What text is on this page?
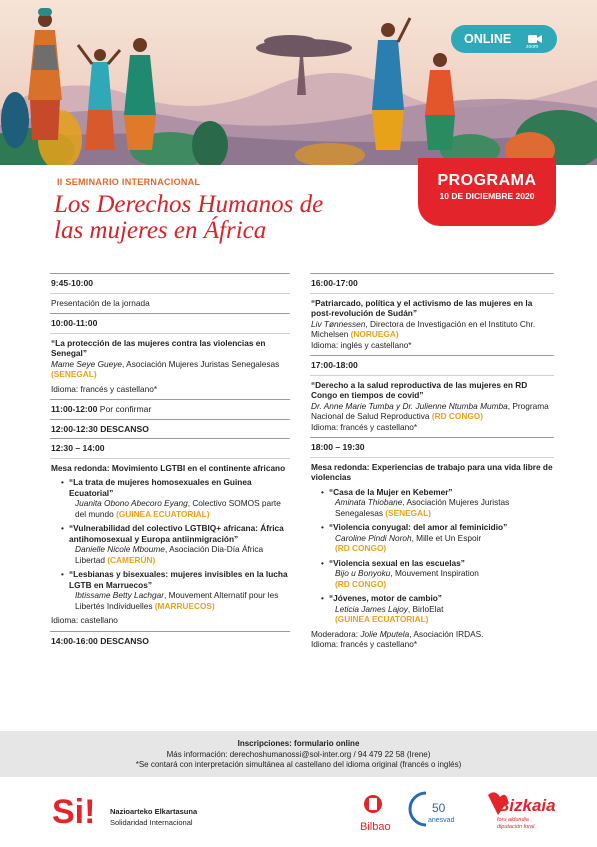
ONLINE
zoom
PROGRAMA
10 DE DICIEMBRE 2020
II SEMINARIO INTERNACIONAL
Los Derechos Humanos de
las mujeres en África
9:45-10:00
Presentación de la jornada
10:00-11:00
“La protección de las mujeres contra las violencias en Senegal”
Mame Seye Gueye, Asociación Mujeres Juristas Senegalesas (SENEGAL)
Idioma: francés y castellano*
11:00-12:00 Por confirmar
12:00-12:30 DESCANSO
12:30 – 14:00
Mesa redonda: Movimiento LGTBI en el continente africano
• “La trata de mujeres homosexuales en Guinea Ecuatorial”
Juanita Obono Abecoro Eyang, Colectivo SOMOS parte del mundo (GUINEA ECUATORIAL)
• “Vulnerabilidad del colectivo LGTBIQ+ africana: África antihomosexual y Europa antiinmigración”
Danielle Nicole Mboume, Asociación Dia-Día África Libertad (CAMERÚN)
• “Lesbianas y bisexuales: mujeres invisibles en la lucha LGTB en Marruecos”
Ibtissame Betty Lachgar, Mouvement Alternatif pour les Libertés Individuelles (MARRUECOS)
Idioma: castellano
14:00-16:00 DESCANSO
16:00-17:00
“Patriarcado, política y el activismo de las mujeres en la post-revolución de Sudán”
Liv Tønnessen, Directora de Investigación en el Instituto Chr. Michelsen (NORUEGA)
Idioma: inglés y castellano*
17:00-18:00
“Derecho a la salud reproductiva de las mujeres en RD Congo en tiempos de covid”
Dr. Anne Marie Tumba y Dr. Julienne Ntumba Mumba, Programa Nacional de Salud Reproductiva (RD CONGO)
Idioma: francés y castellano*
18:00 – 19:30
Mesa redonda: Experiencias de trabajo para una vida libre de violencias
• “Casa de la Mujer en Kebemer”
Aminata Thiobane, Asociación Mujeres Juristas Senegalesas (SENEGAL)
• “Violencia conyugal: del amor al feminicidio”
Caroline Pindi Noroh, Mille et Un Espoir
(RD CONGO)
• “Violencia sexual en las escuelas”
Bijo u Bonyoku, Mouvement Inspiration
(RD CONGO)
• “Jóvenes, motor de cambio”
Leticia James Lajoy, BirloElat
(GUINEA ECUATORIAL)
Moderadora: Jolie Mputela, Asociación IRDAS.
Idioma: francés y castellano*
Inscripciones: formulario online
Más información: derechoshumanossi@sol-inter.org / 94 479 22 58 (Irene)
*Se contará con interpretación simultánea al castellano del idioma original (francés o inglés)
Si!	Bilbao
50
anesvad
Bizkaia
foru aldundia
diputación foral
Nazioarteko Elkartasuna
Solidaridad Internacional
